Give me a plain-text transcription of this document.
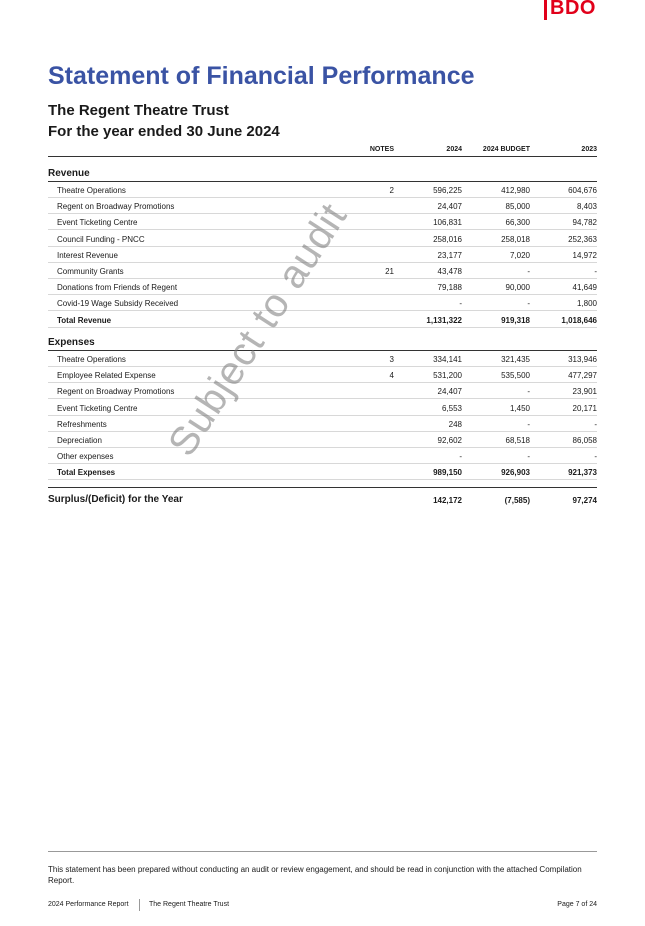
BDO
Statement of Financial Performance
The Regent Theatre Trust
For the year ended 30 June 2024
NOTES	2024	2024 BUDGET	2023
Revenue
Theatre Operations	2	596,225	412,980	604,676
Regent on Broadway Promotions	24,407	85,000	8,403
Event Ticketing Centre	106,831	66,300	94,782
Council Funding - PNCC	258,016	258,018	252,363
Interest Revenue	23,177	7,020	14,972
Community Grants	21	43,478	-	-
Donations from Friends of Regent	79,188	90,000	41,649
Covid-19 Wage Subsidy Received	-	-	1,800
Total Revenue	1,131,322	919,318	1,018,646
Expenses
Theatre Operations	3	334,141	321,435	313,946
Employee Related Expense	4	531,200	535,500	477,297
Regent on Broadway Promotions	24,407	-	23,901
Event Ticketing Centre	6,553	1,450	20,171
Refreshments	248	-	-
Depreciation	92,602	68,518	86,058
Other expenses	-	-	-
Total Expenses	989,150	926,903	921,373
Surplus/(Deficit) for the Year	142,172	(7,585)	97,274
Subject to audit
This statement has been prepared without conducting an audit or review engagement, and should be read in conjunction with the attached Compilation Report.
2024 Performance Report	The Regent Theatre Trust	Page 7 of 24
